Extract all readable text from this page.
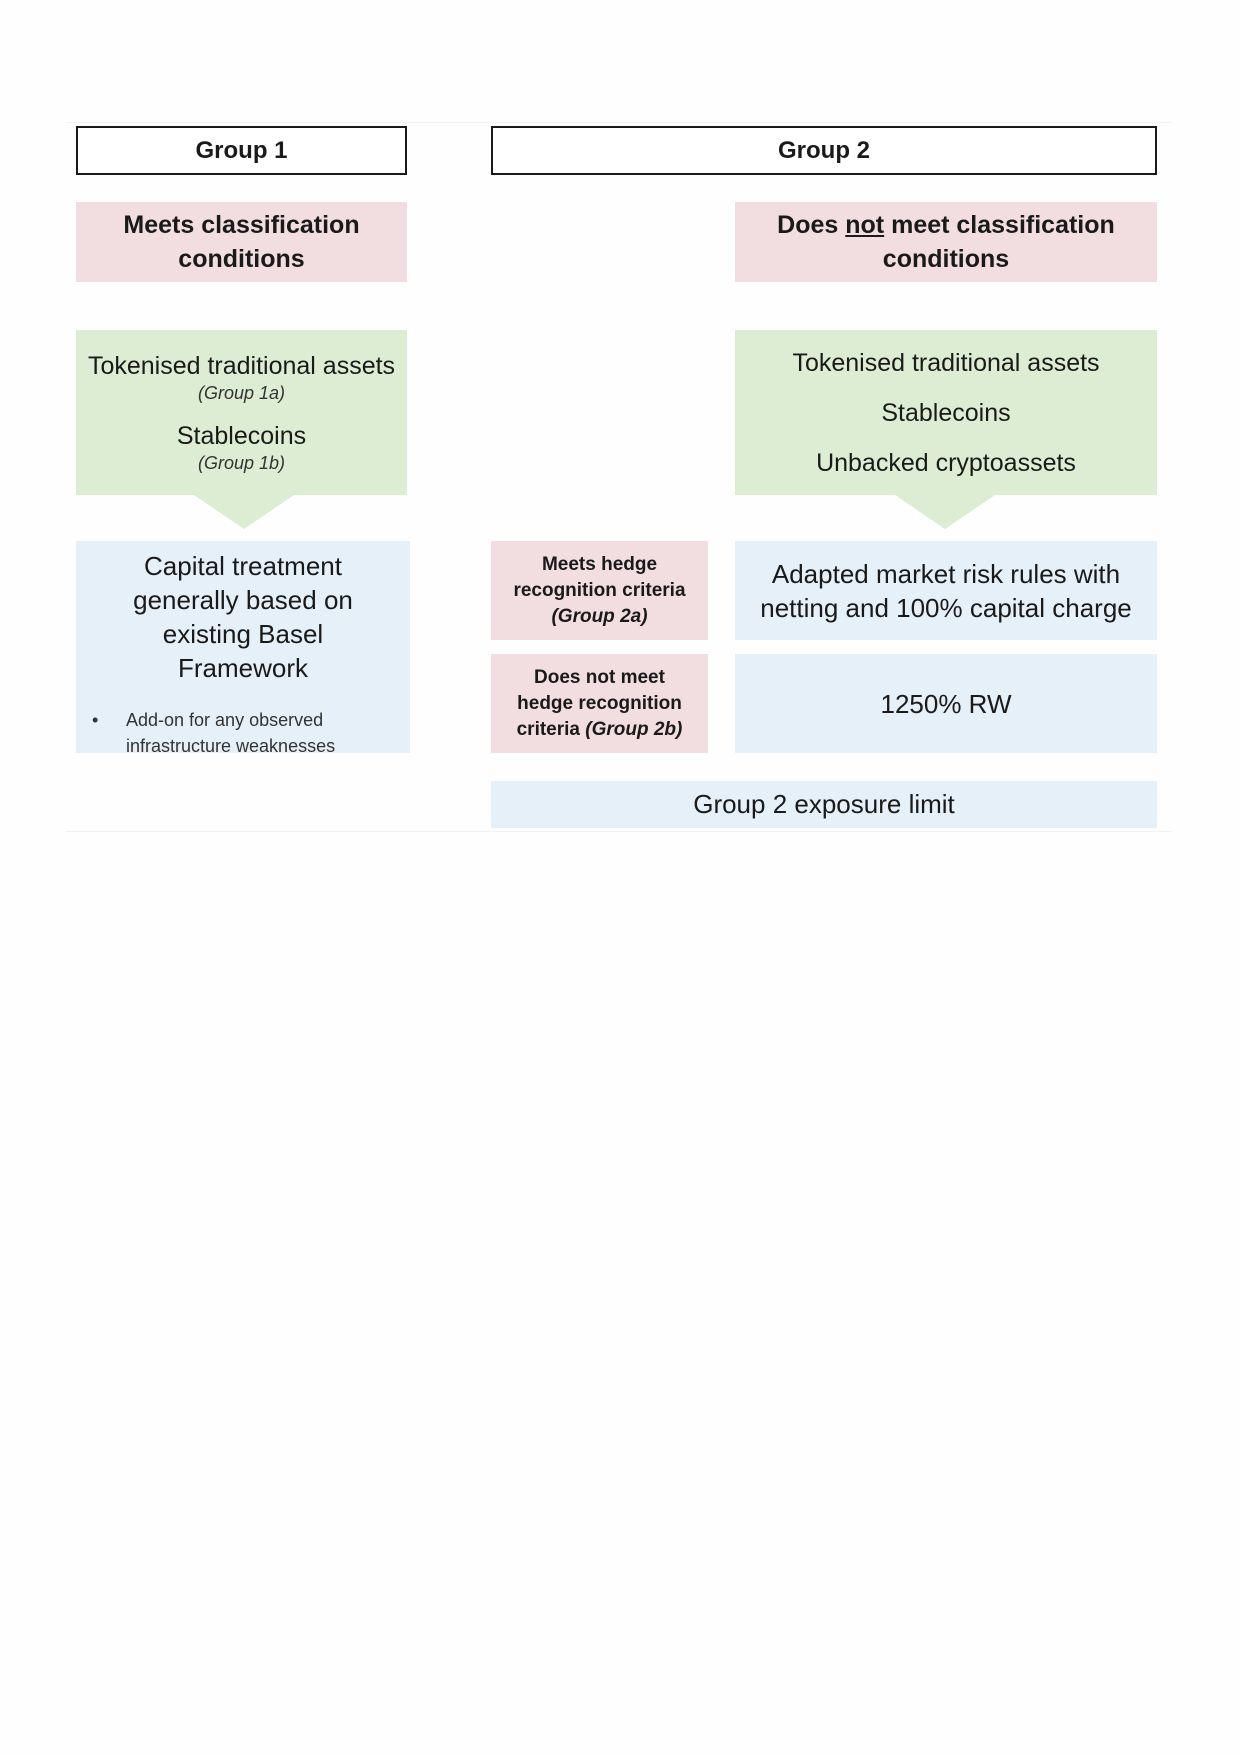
Group 1	Group 2
Meets classification conditions
Does not meet classification conditions
Tokenised traditional assets
(Group 1a)
Stablecoins
(Group 1b)
Tokenised traditional assets
Stablecoins
Unbacked cryptoassets
Capital treatment generally based on existing Basel Framework
•	Add-on for any observed infrastructure weaknesses
Meets hedge
recognition criteria
(Group 2a)
Does not meet
hedge recognition
criteria (Group 2b)
Adapted market risk rules with netting and 100% capital charge
1250% RW
Group 2 exposure limit
